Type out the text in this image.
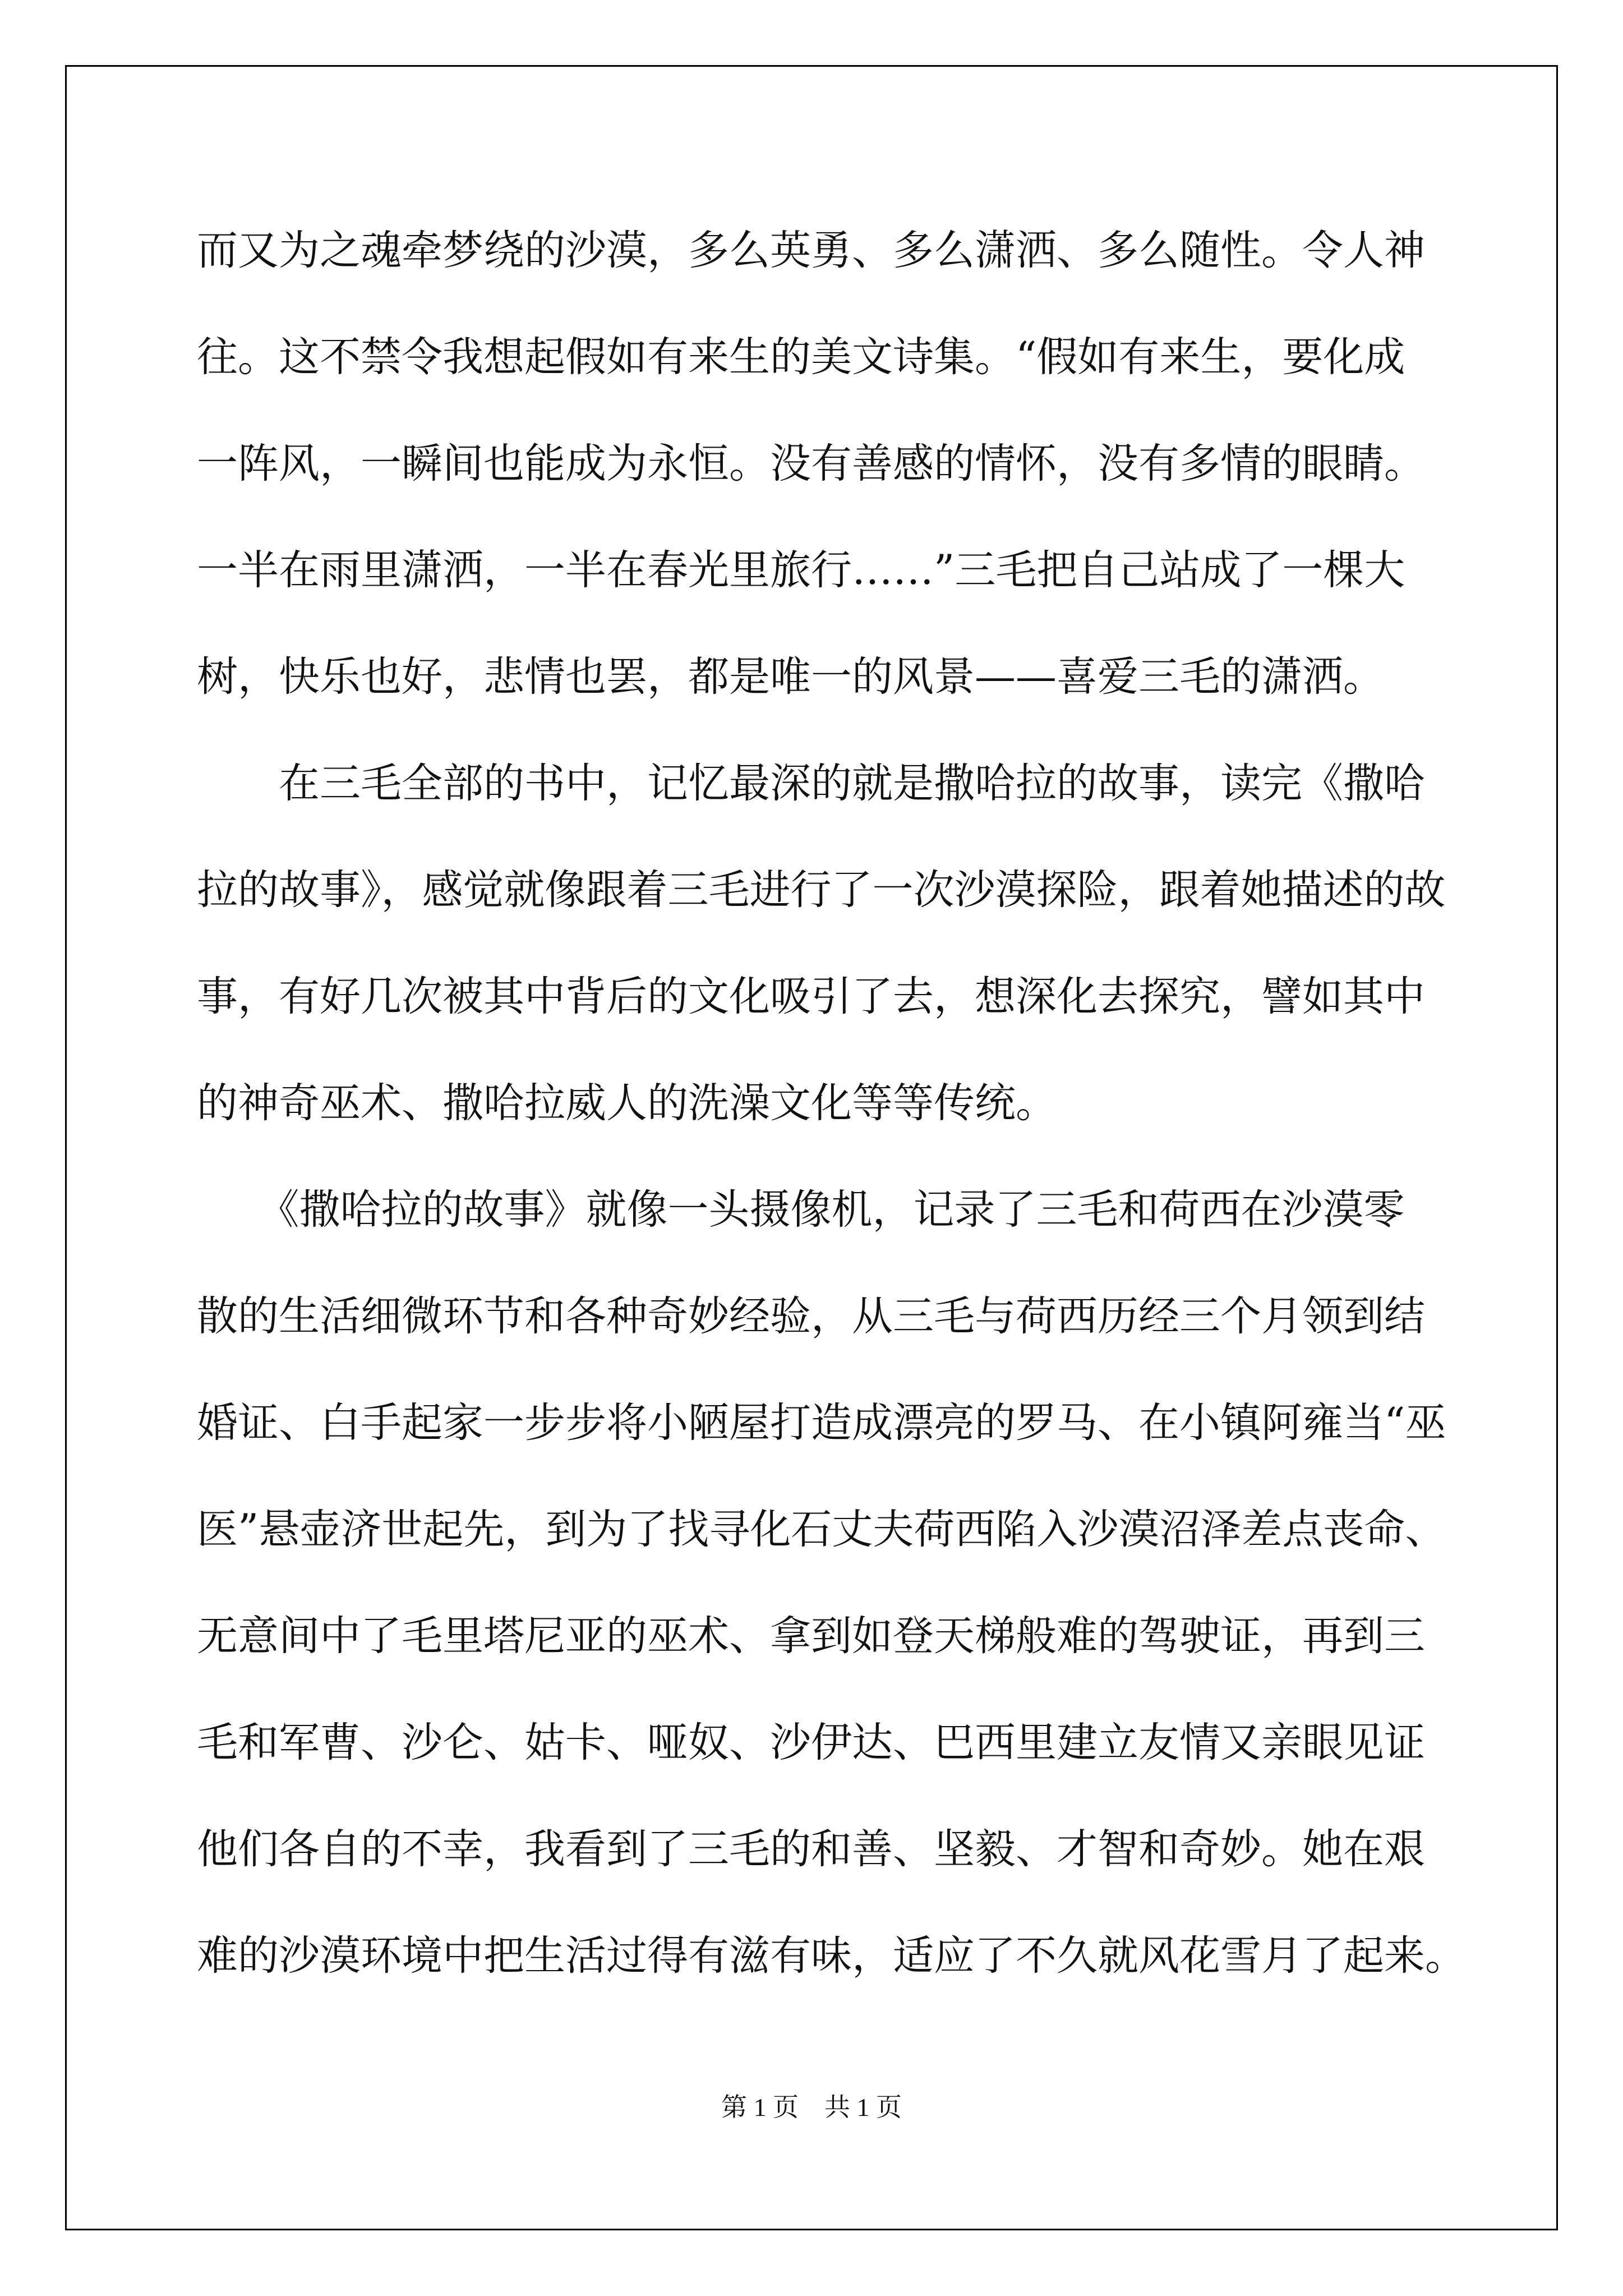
而又为之魂牵梦绕的沙漠，多么英勇、多么潇洒、多么随性。令人神

往。这不禁令我想起假如有来生的美文诗集。“假如有来生，要化成

一阵风，一瞬间也能成为永恒。没有善感的情怀，没有多情的眼睛。

一半在雨里潇洒，一半在春光里旅行……”三毛把自己站成了一棵大

树，快乐也好，悲情也罢，都是唯一的风景——喜爱三毛的潇洒。

　　在三毛全部的书中，记忆最深的就是撒哈拉的故事，读完《撒哈

拉的故事》，感觉就像跟着三毛进行了一次沙漠探险，跟着她描述的故

事，有好几次被其中背后的文化吸引了去，想深化去探究，譬如其中

的神奇巫术、撒哈拉威人的洗澡文化等等传统。

　　《撒哈拉的故事》就像一头摄像机，记录了三毛和荷西在沙漠零

散的生活细微环节和各种奇妙经验，从三毛与荷西历经三个月领到结

婚证、白手起家一步步将小陋屋打造成漂亮的罗马、在小镇阿雍当“巫

医”悬壶济世起先，到为了找寻化石丈夫荷西陷入沙漠沼泽差点丧命、

无意间中了毛里塔尼亚的巫术、拿到如登天梯般难的驾驶证，再到三

毛和军曹、沙仑、姑卡、哑奴、沙伊达、巴西里建立友情又亲眼见证

他们各自的不幸，我看到了三毛的和善、坚毅、才智和奇妙。她在艰

难的沙漠环境中把生活过得有滋有味，适应了不久就风花雪月了起来。

第 1 页　共 1 页
